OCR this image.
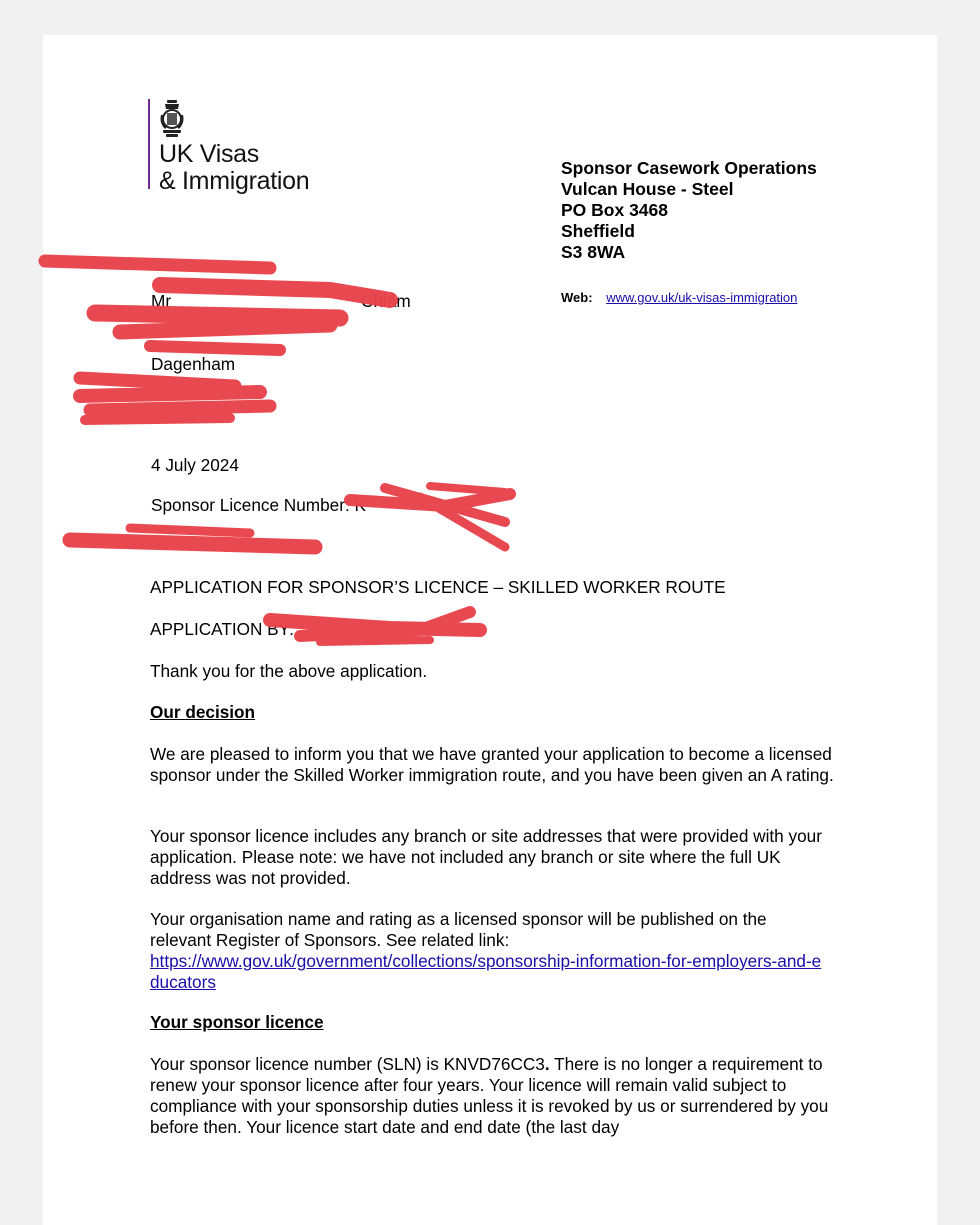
UK Visas
& Immigration	Sponsor Casework Operations
Vulcan House - Steel
PO Box 3468
Sheffield
S3 8WA
Web: www.gov.uk/uk-visas-immigration
Mr	Chiam
Dagenham
4 July 2024
Sponsor Licence Number: K
APPLICATION FOR SPONSOR’S LICENCE – SKILLED WORKER ROUTE
APPLICATION BY:
Thank you for the above application.
Our decision
We are pleased to inform you that we have granted your application to become a licensed sponsor under the Skilled Worker immigration route, and you have been given an A rating.
Your sponsor licence includes any branch or site addresses that were provided with your application. Please note: we have not included any branch or site where the full UK address was not provided.
Your organisation name and rating as a licensed sponsor will be published on the relevant Register of Sponsors. See related link:
https://www.gov.uk/government/collections/sponsorship-information-for-employers-and-educators
Your sponsor licence
Your sponsor licence number (SLN) is KNVD76CC3. There is no longer a requirement to renew your sponsor licence after four years. Your licence will remain valid subject to compliance with your sponsorship duties unless it is revoked by us or surrendered by you before then. Your licence start date and end date (the last day
